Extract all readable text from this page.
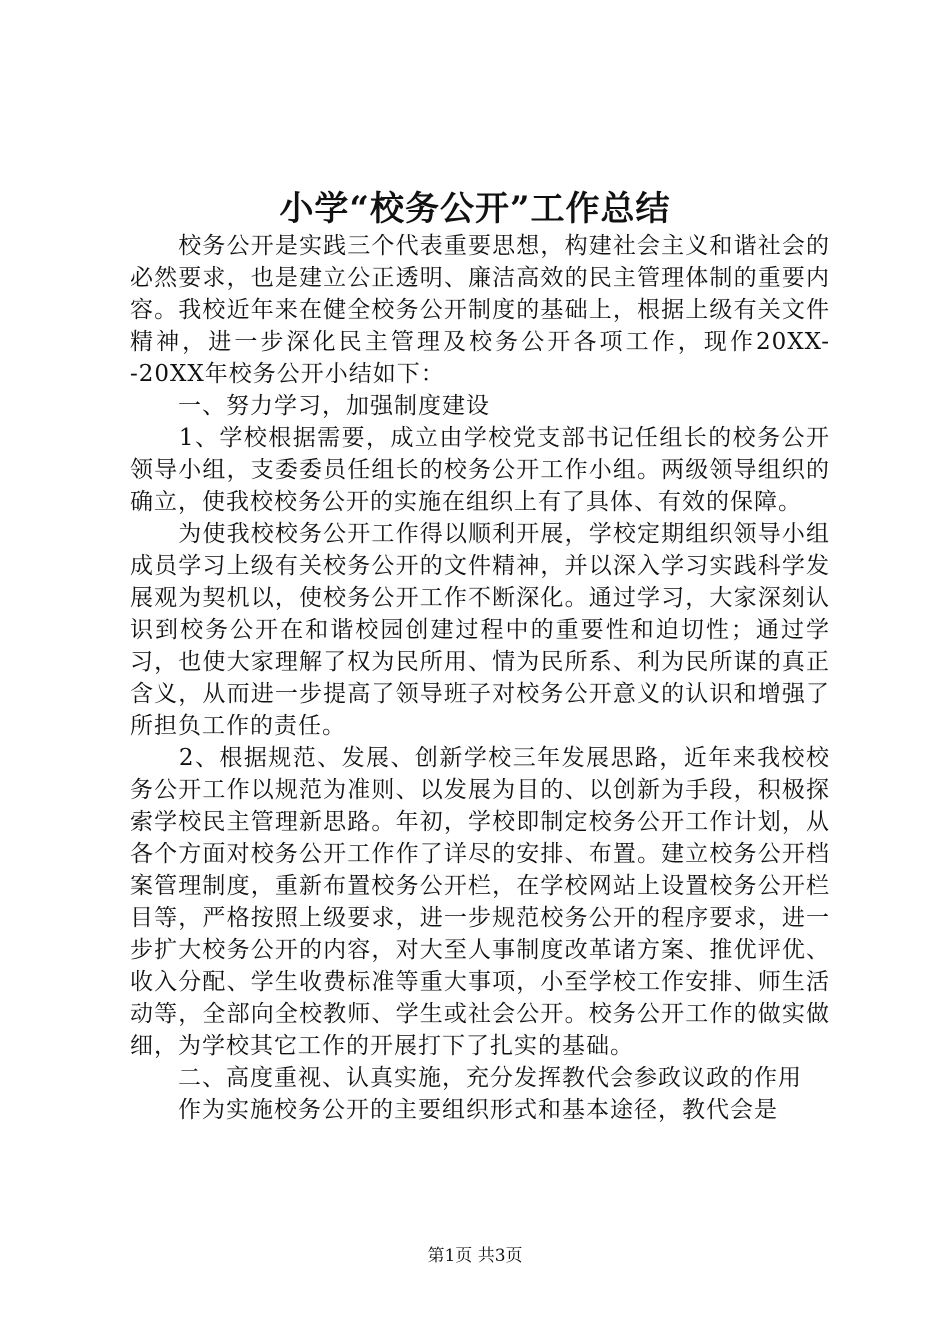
小学“校务公开”工作总结

　　校务公开是实践三个代表重要思想，构建社会主义和谐社会的必然要求，也是建立公正透明、廉洁高效的民主管理体制的重要内容。我校近年来在健全校务公开制度的基础上，根据上级有关文件精神，进一步深化民主管理及校务公开各项工作，现作20XX--20XX年校务公开小结如下：

　　一、努力学习，加强制度建设

　　1、学校根据需要，成立由学校党支部书记任组长的校务公开领导小组，支委委员任组长的校务公开工作小组。两级领导组织的确立，使我校校务公开的实施在组织上有了具体、有效的保障。

　　为使我校校务公开工作得以顺利开展，学校定期组织领导小组成员学习上级有关校务公开的文件精神，并以深入学习实践科学发展观为契机以，使校务公开工作不断深化。通过学习，大家深刻认识到校务公开在和谐校园创建过程中的重要性和迫切性；通过学习，也使大家理解了权为民所用、情为民所系、利为民所谋的真正含义，从而进一步提高了领导班子对校务公开意义的认识和增强了所担负工作的责任。

　　2、根据规范、发展、创新学校三年发展思路，近年来我校校务公开工作以规范为准则、以发展为目的、以创新为手段，积极探索学校民主管理新思路。年初，学校即制定校务公开工作计划，从各个方面对校务公开工作作了详尽的安排、布置。建立校务公开档案管理制度，重新布置校务公开栏，在学校网站上设置校务公开栏目等，严格按照上级要求，进一步规范校务公开的程序要求，进一步扩大校务公开的内容，对大至人事制度改革诸方案、推优评优、收入分配、学生收费标准等重大事项，小至学校工作安排、师生活动等，全部向全校教师、学生或社会公开。校务公开工作的做实做细，为学校其它工作的开展打下了扎实的基础。

　　二、高度重视、认真实施，充分发挥教代会参政议政的作用

　　作为实施校务公开的主要组织形式和基本途径，教代会是

第1页 共3页
